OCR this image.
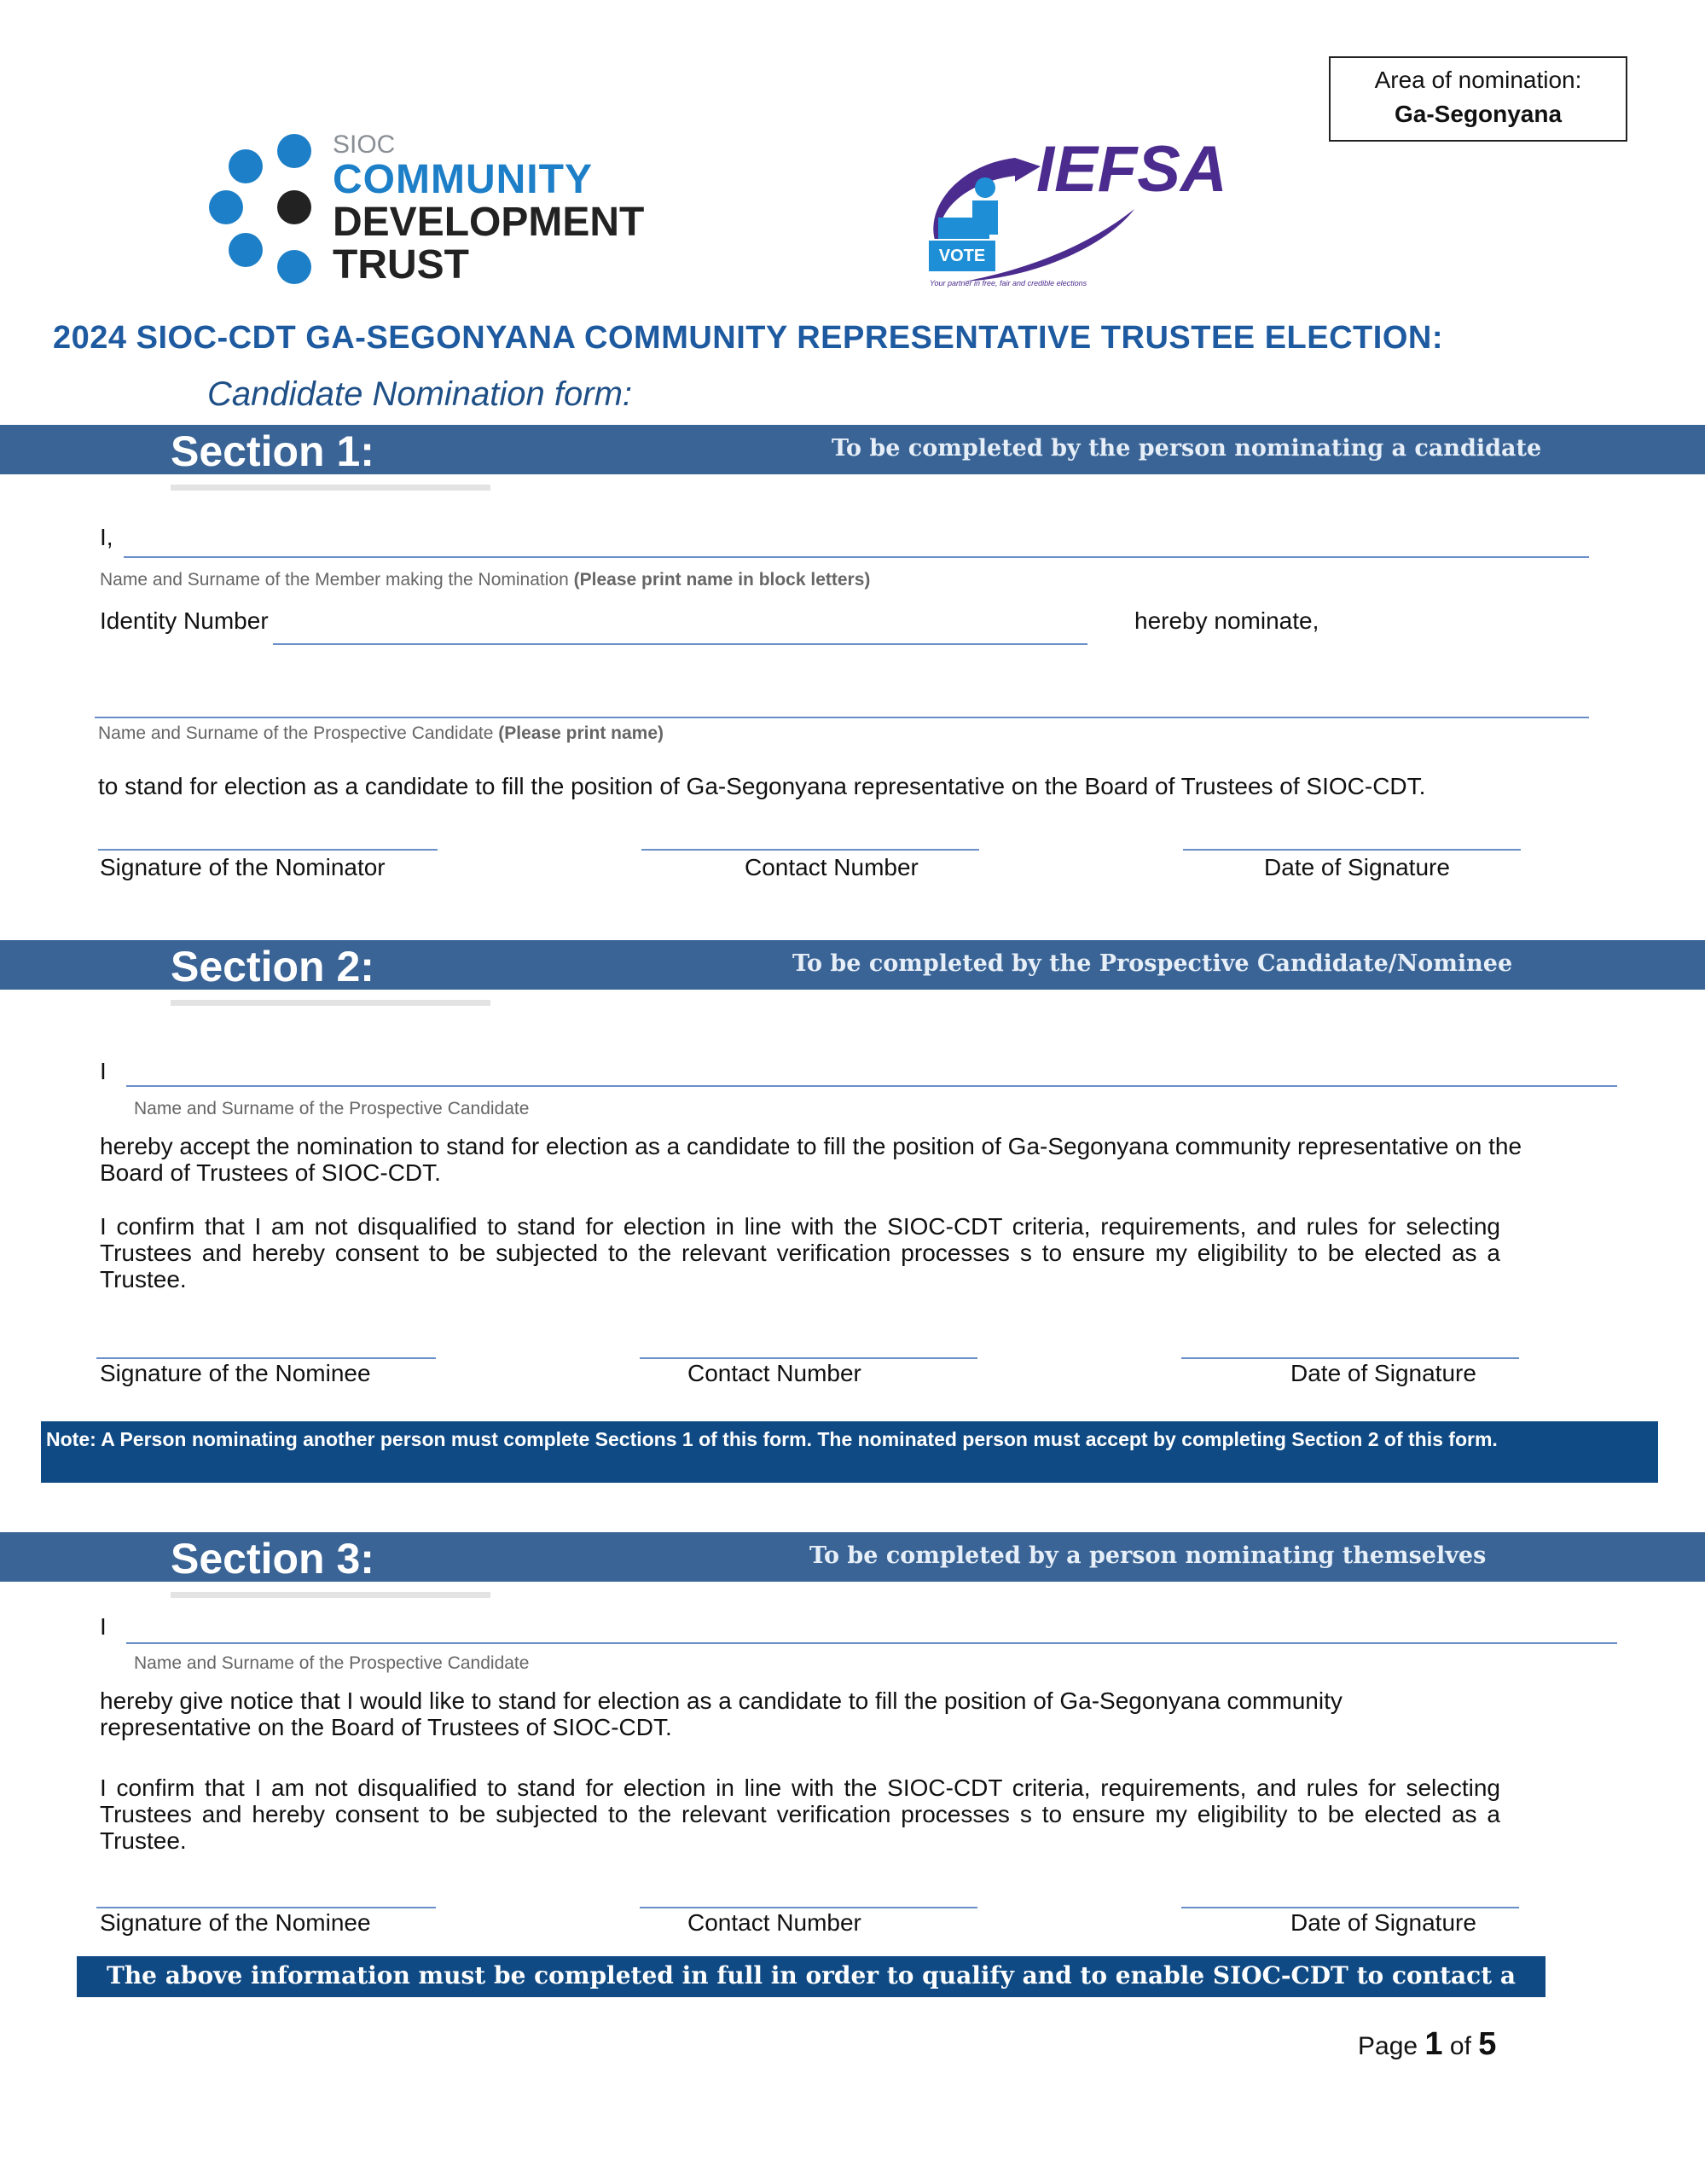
Area of nomination:
Ga-Segonyana
SIOC
COMMUNITY
DEVELOPMENT
TRUST
IEFSA
VOTE
Your partner in free, fair and credible elections
2024 SIOC-CDT GA-SEGONYANA COMMUNITY REPRESENTATIVE TRUSTEE ELECTION:
Candidate Nomination form:
Section 1:	To be completed by the person nominating a candidate
I,
Name and Surname of the Member making the Nomination (Please print name in block letters)
Identity Number	hereby nominate,
Name and Surname of the Prospective Candidate (Please print name)
to stand for election as a candidate to fill the position of Ga-Segonyana representative on the Board of Trustees of SIOC-CDT.
Signature of the Nominator	Contact Number	Date of Signature
Section 2:	To be completed by the Prospective Candidate/Nominee
I
Name and Surname of the Prospective Candidate
hereby accept the nomination to stand for election as a candidate to fill the position of Ga-Segonyana community representative on the Board of Trustees of SIOC-CDT.
I confirm that I am not disqualified to stand for election in line with the SIOC-CDT criteria, requirements, and rules for selecting Trustees and hereby consent to be subjected to the relevant verification processes s to ensure my eligibility to be elected as a Trustee.
Signature of the Nominee	Contact Number	Date of Signature
Note: A Person nominating another person must complete Sections 1 of this form. The nominated person must accept by completing Section 2 of this form.
Section 3:	To be completed by a person nominating themselves
I
Name and Surname of the Prospective Candidate
hereby give notice that I would like to stand for election as a candidate to fill the position of Ga-Segonyana community representative on the Board of Trustees of SIOC-CDT.
I confirm that I am not disqualified to stand for election in line with the SIOC-CDT criteria, requirements, and rules for selecting Trustees and hereby consent to be subjected to the relevant verification processes s to ensure my eligibility to be elected as a Trustee.
Signature of the Nominee	Contact Number	Date of Signature
The above information must be completed in full in order to qualify and to enable SIOC-CDT to contact a prospective candidate.
Page 1 of 5
